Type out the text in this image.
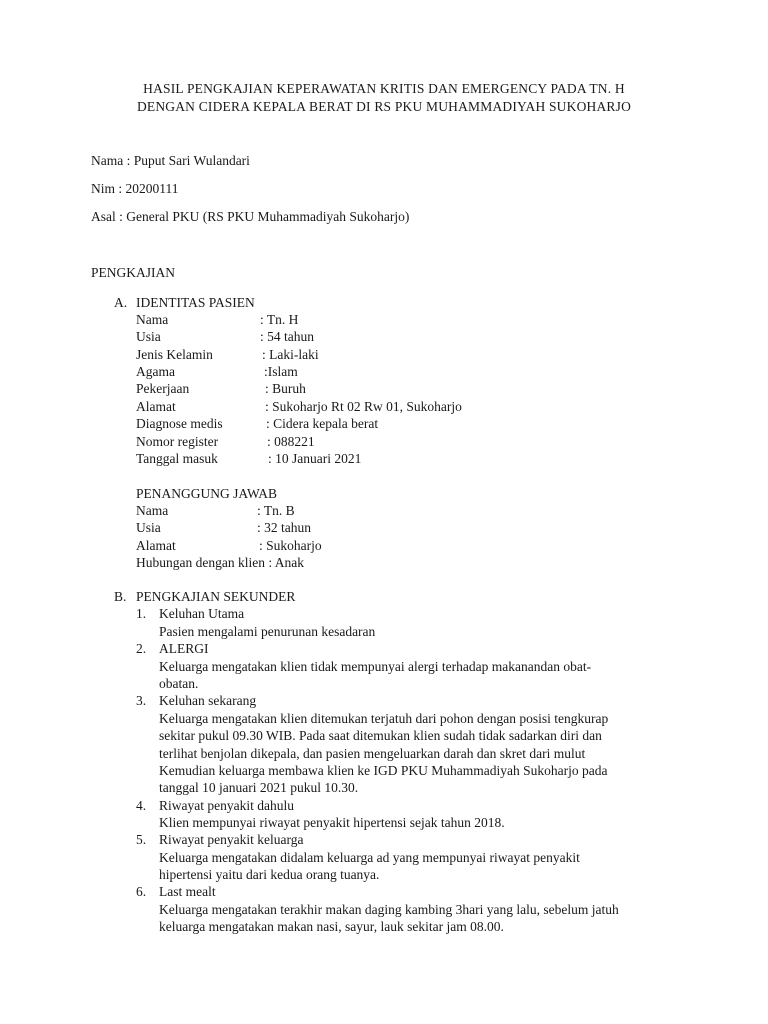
HASIL PENGKAJIAN KEPERAWATAN KRITIS DAN EMERGENCY PADA TN. H
DENGAN CIDERA KEPALA BERAT DI RS PKU MUHAMMADIYAH SUKOHARJO
Nama : Puput Sari Wulandari
Nim : 20200111
Asal : General PKU (RS PKU Muhammadiyah Sukoharjo)
PENGKAJIAN
A. IDENTITAS PASIEN
Nama	: Tn. H
Usia	: 54 tahun
Jenis Kelamin	: Laki-laki
Agama	:Islam
Pekerjaan	: Buruh
Alamat	: Sukoharjo Rt 02 Rw 01, Sukoharjo
Diagnose medis	: Cidera kepala berat
Nomor register	: 088221
Tanggal masuk	: 10 Januari 2021
PENANGGUNG JAWAB
Nama	: Tn. B
Usia	: 32 tahun
Alamat	: Sukoharjo
Hubungan dengan klien : Anak
B. PENGKAJIAN SEKUNDER
1. Keluhan Utama
Pasien mengalami penurunan kesadaran
2. ALERGI
Keluarga mengatakan klien tidak mempunyai alergi terhadap makanandan obat-
obatan.
3. Keluhan sekarang
Keluarga mengatakan klien ditemukan terjatuh dari pohon dengan posisi tengkurap
sekitar pukul 09.30 WIB. Pada saat ditemukan klien sudah tidak sadarkan diri dan
terlihat benjolan dikepala, dan pasien mengeluarkan darah dan skret dari mulut
Kemudian keluarga membawa klien ke IGD PKU Muhammadiyah Sukoharjo pada
tanggal 10 januari 2021 pukul 10.30.
4. Riwayat penyakit dahulu
Klien mempunyai riwayat penyakit hipertensi sejak tahun 2018.
5. Riwayat penyakit keluarga
Keluarga mengatakan didalam keluarga ad yang mempunyai riwayat penyakit
hipertensi yaitu dari kedua orang tuanya.
6. Last mealt
Keluarga mengatakan terakhir makan daging kambing 3hari yang lalu, sebelum jatuh
keluarga mengatakan makan nasi, sayur, lauk sekitar jam 08.00.
